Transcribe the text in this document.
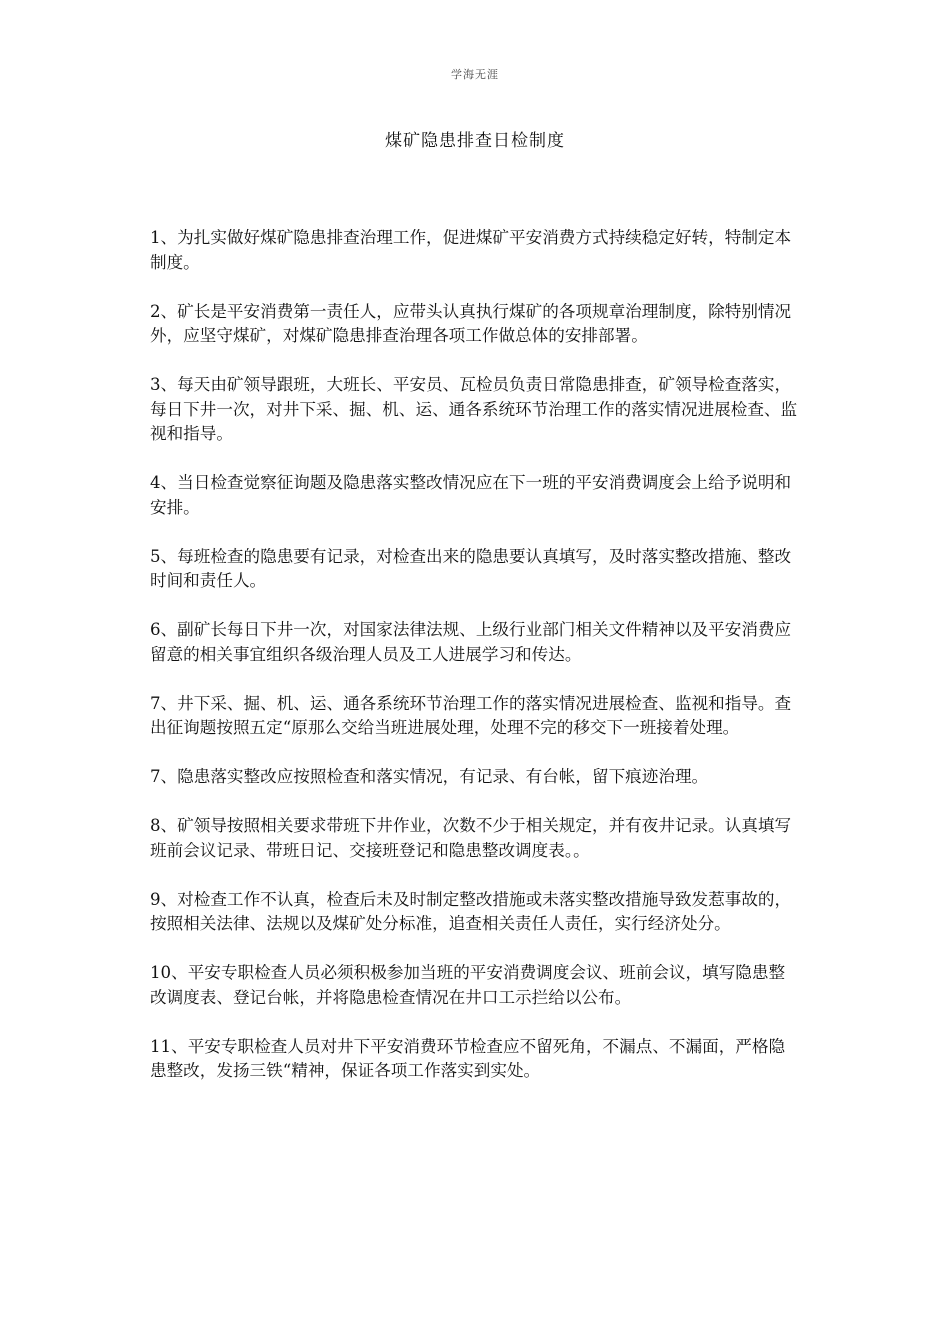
学海无涯
煤矿隐患排查日检制度

1、为扎实做好煤矿隐患排查治理工作，促进煤矿平安消费方式持续稳定好转，特制定本制度。

2、矿长是平安消费第一责任人，应带头认真执行煤矿的各项规章治理制度，除特别情况外，应坚守煤矿，对煤矿隐患排查治理各项工作做总体的安排部署。

3、每天由矿领导跟班，大班长、平安员、瓦检员负责日常隐患排查，矿领导检查落实，每日下井一次，对井下采、掘、机、运、通各系统环节治理工作的落实情况进展检查、监视和指导。

4、当日检查觉察征询题及隐患落实整改情况应在下一班的平安消费调度会上给予说明和安排。

5、每班检查的隐患要有记录，对检查出来的隐患要认真填写，及时落实整改措施、整改时间和责任人。

6、副矿长每日下井一次，对国家法律法规、上级行业部门相关文件精神以及平安消费应留意的相关事宜组织各级治理人员及工人进展学习和传达。

7、井下采、掘、机、运、通各系统环节治理工作的落实情况进展检查、监视和指导。查出征询题按照五定“原那么交给当班进展处理，处理不完的移交下一班接着处理。

7、隐患落实整改应按照检查和落实情况，有记录、有台帐，留下痕迹治理。

8、矿领导按照相关要求带班下井作业，次数不少于相关规定，并有夜井记录。认真填写班前会议记录、带班日记、交接班登记和隐患整改调度表。。

9、对检查工作不认真，检查后未及时制定整改措施或未落实整改措施导致发惹事故的，按照相关法律、法规以及煤矿处分标准，追查相关责任人责任，实行经济处分。

10、平安专职检查人员必须积极参加当班的平安消费调度会议、班前会议，填写隐患整改调度表、登记台帐，并将隐患检查情况在井口工示拦给以公布。

11、平安专职检查人员对井下平安消费环节检查应不留死角，不漏点、不漏面，严格隐患整改，发扬三铁“精神，保证各项工作落实到实处。
